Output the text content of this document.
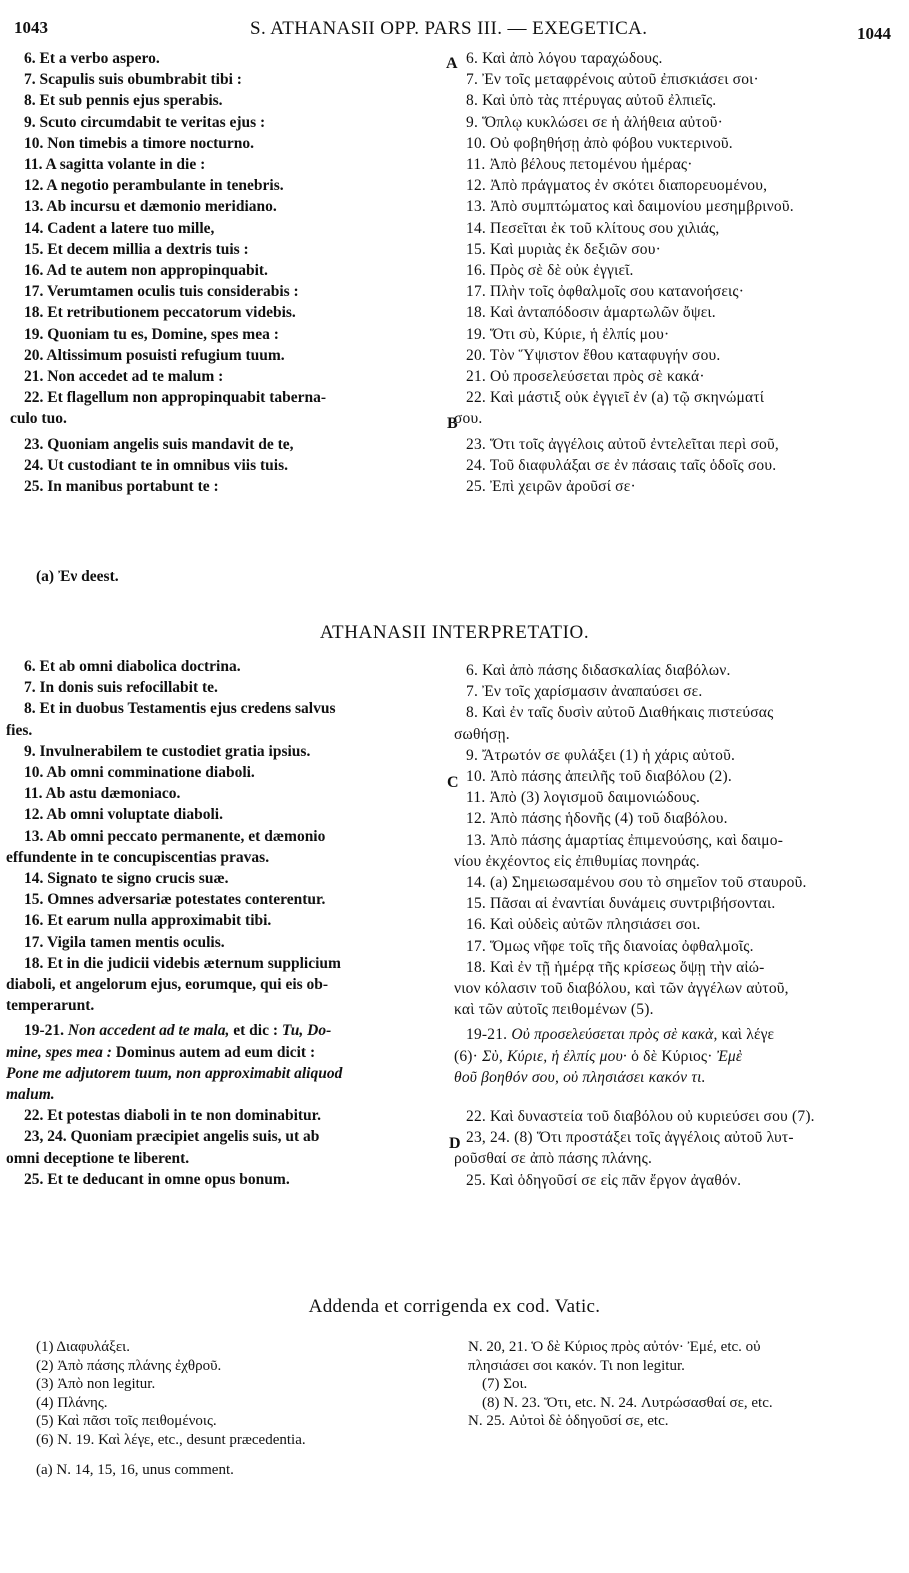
1043	S. ATHANASII OPP. PARS III. — EXEGETICA.	1044
A
B
C
D
6. Et a verbo aspero.
7. Scapulis suis obumbrabit tibi :
8. Et sub pennis ejus sperabis.
9. Scuto circumdabit te veritas ejus :
10. Non timebis a timore nocturno.
11. A sagitta volante in die :
12. A negotio perambulante in tenebris.
13. Ab incursu et dæmonio meridiano.
14. Cadent a latere tuo mille,
15. Et decem millia a dextris tuis :
16. Ad te autem non appropinquabit.
17. Verumtamen oculis tuis considerabis :
18. Et retributionem peccatorum videbis.
19. Quoniam tu es, Domine, spes mea :
20. Altissimum posuisti refugium tuum.
21. Non accedet ad te malum :
22. Et flagellum non appropinquabit taberna-
culo tuo.
23. Quoniam angelis suis mandavit de te,
24. Ut custodiant te in omnibus viis tuis.
25. In manibus portabunt te :
6. Καὶ ἀπὸ λόγου ταραχώδους.
7. Ἐν τοῖς μεταφρένοις αὐτοῦ ἐπισκιάσει σοι·
8. Καὶ ὑπὸ τὰς πτέρυγας αὐτοῦ ἐλπιεῖς.
9. Ὅπλῳ κυκλώσει σε ἡ ἀλήθεια αὐτοῦ·
10. Οὐ φοβηθήσῃ ἀπὸ φόβου νυκτερινοῦ.
11. Ἀπὸ βέλους πετομένου ἡμέρας·
12. Ἀπὸ πράγματος ἐν σκότει διαπορευομένου,
13. Ἀπὸ συμπτώματος καὶ δαιμονίου μεσημβρινοῦ.
14. Πεσεῖται ἐκ τοῦ κλίτους σου χιλιάς,
15. Καὶ μυριὰς ἐκ δεξιῶν σου·
16. Πρὸς σὲ δὲ οὐκ ἐγγιεῖ.
17. Πλὴν τοῖς ὀφθαλμοῖς σου κατανοήσεις·
18. Καὶ ἀνταπόδοσιν ἁμαρτωλῶν ὄψει.
19. Ὅτι σὺ, Κύριε, ἡ ἐλπίς μου·
20. Τὸν Ὕψιστον ἔθου καταφυγήν σου.
21. Οὐ προσελεύσεται πρὸς σὲ κακά·
22. Καὶ μάστιξ οὐκ ἐγγιεῖ ἐν (a) τῷ σκηνώματί
σου.
23. Ὅτι τοῖς ἀγγέλοις αὐτοῦ ἐντελεῖται περὶ σοῦ,
24. Τοῦ διαφυλάξαι σε ἐν πάσαις ταῖς ὁδοῖς σου.
25. Ἐπὶ χειρῶν ἀροῦσί σε·
(a) Ἐν deest.
ATHANASII INTERPRETATIO.
6. Et ab omni diabolica doctrina.
7. In donis suis refocillabit te.
8. Et in duobus Testamentis ejus credens salvus
fies.
9. Invulnerabilem te custodiet gratia ipsius.
10. Ab omni comminatione diaboli.
11. Ab astu dæmoniaco.
12. Ab omni voluptate diaboli.
13. Ab omni peccato permanente, et dæmonio
effundente in te concupiscentias pravas.
14. Signato te signo crucis suæ.
15. Omnes adversariæ potestates conterentur.
16. Et earum nulla approximabit tibi.
17. Vigila tamen mentis oculis.
18. Et in die judicii videbis æternum supplicium
diaboli, et angelorum ejus, eorumque, qui eis ob-
temperarunt.
19-21. Non accedent ad te mala, et dic : Tu, Do-
mine, spes mea : Dominus autem ad eum dicit :
Pone me adjutorem tuum, non approximabit aliquod
malum.
22. Et potestas diaboli in te non dominabitur.
23, 24. Quoniam præcipiet angelis suis, ut ab
omni deceptione te liberent.
25. Et te deducant in omne opus bonum.
6. Καὶ ἀπὸ πάσης διδασκαλίας διαβόλων.
7. Ἐν τοῖς χαρίσμασιν ἀναπαύσει σε.
8. Καὶ ἐν ταῖς δυσὶν αὐτοῦ Διαθήκαις πιστεύσας
σωθήσῃ.
9. Ἄτρωτόν σε φυλάξει (1) ἡ χάρις αὐτοῦ.
10. Ἀπὸ πάσης ἀπειλῆς τοῦ διαβόλου (2).
11. Ἀπὸ (3) λογισμοῦ δαιμονιώδους.
12. Ἀπὸ πάσης ἡδονῆς (4) τοῦ διαβόλου.
13. Ἀπὸ πάσης ἁμαρτίας ἐπιμενούσης, καὶ δαιμο-
νίου ἐκχέοντος εἰς ἐπιθυμίας πονηράς.
14. (a) Σημειωσαμένου σου τὸ σημεῖον τοῦ σταυροῦ.
15. Πᾶσαι αἱ ἐναντίαι δυνάμεις συντριβήσονται.
16. Καὶ οὐδεὶς αὐτῶν πλησιάσει σοι.
17. Ὅμως νῆφε τοῖς τῆς διανοίας ὀφθαλμοῖς.
18. Καὶ ἐν τῇ ἡμέρᾳ τῆς κρίσεως ὄψῃ τὴν αἰώ-
νιον κόλασιν τοῦ διαβόλου, καὶ τῶν ἀγγέλων αὐτοῦ,
καὶ τῶν αὐτοῖς πειθομένων (5).
19-21. Οὐ προσελεύσεται πρὸς σὲ κακὰ, καὶ λέγε
(6)· Σὺ, Κύριε, ἡ ἐλπίς μου· ὁ δὲ Κύριος· Ἐμὲ
θοῦ βοηθόν σου, οὐ πλησιάσει κακόν τι.
22. Καὶ δυναστεία τοῦ διαβόλου οὐ κυριεύσει σου (7).
23, 24. (8) Ὅτι προστάξει τοῖς ἀγγέλοις αὐτοῦ λυτ-
ροῦσθαί σε ἀπὸ πάσης πλάνης.
25. Καὶ ὁδηγοῦσί σε εἰς πᾶν ἔργον ἀγαθόν.
Addenda et corrigenda ex cod. Vatic.
(1) Διαφυλάξει.
(2) Ἀπὸ πάσης πλάνης ἐχθροῦ.
(3) Ἀπὸ non legitur.
(4) Πλάνης.
(5) Καὶ πᾶσι τοῖς πειθομένοις.
(6) N. 19. Καὶ λέγε, etc., desunt præcedentia.
N. 20, 21. Ὁ δὲ Κύριος πρὸς αὐτόν· Ἐμέ, etc. οὐ
πλησιάσει σοι κακόν. Τι non legitur.
(7) Σοι.
(8) N. 23. Ὅτι, etc. N. 24. Λυτρώσασθαί σε, etc.
N. 25. Αὐτοὶ δὲ ὁδηγοῦσί σε, etc.
(a) N. 14, 15, 16, unus comment.
